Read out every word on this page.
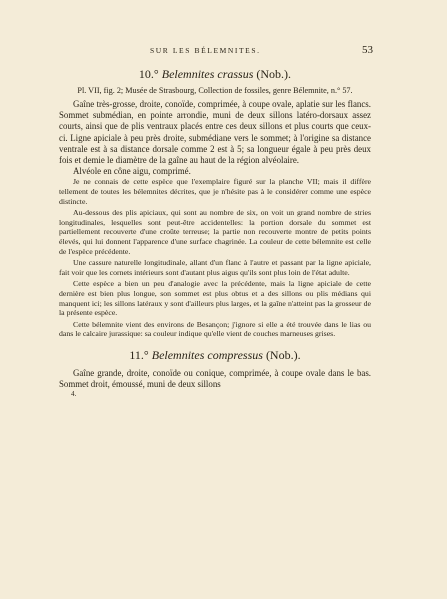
SUR LES BÉLEMNITES.	53
10.° Belemnites crassus (Nob.).
Pl. VII, fig. 2; Musée de Strasbourg, Collection de fossiles, genre Bélemnite, n.° 57.

Gaîne très-grosse, droite, conoïde, comprimée, à coupe ovale, aplatie sur les flancs. Sommet submédian, en pointe arrondie, muni de deux sillons latéro-dorsaux assez courts, ainsi que de plis ventraux placés entre ces deux sillons et plus courts que ceux-ci. Ligne apiciale à peu près droite, submédiane vers le sommet; à l'origine sa distance ventrale est à sa distance dorsale comme 2 est à 5; sa longueur égale à peu près deux fois et demie le diamètre de la gaîne au haut de la région alvéolaire.

Alvéole en cône aigu, comprimé.

Je ne connais de cette espèce que l'exemplaire figuré sur la planche VII; mais il diffère tellement de toutes les bélemnites décrites, que je n'hésite pas à le considérer comme une espèce distincte.

Au-dessous des plis apiciaux, qui sont au nombre de six, on voit un grand nombre de stries longitudinales, lesquelles sont peut-être accidentelles: la portion dorsale du sommet est partiellement recouverte d'une croûte terreuse; la partie non recouverte montre de petits points élevés, qui lui donnent l'apparence d'une surface chagrinée. La couleur de cette bélemnite est celle de l'espèce précédente.

Une cassure naturelle longitudinale, allant d'un flanc à l'autre et passant par la ligne apiciale, fait voir que les cornets intérieurs sont d'autant plus aigus qu'ils sont plus loin de l'état adulte.

Cette espèce a bien un peu d'analogie avec la précédente, mais la ligne apiciale de cette dernière est bien plus longue, son sommet est plus obtus et a des sillons ou plis médians qui manquent ici; les sillons latéraux y sont d'ailleurs plus larges, et la gaîne n'atteint pas la grosseur de la présente espèce.

Cette bélemnite vient des environs de Besançon; j'ignore si elle a été trouvée dans le lias ou dans le calcaire jurassique: sa couleur indique qu'elle vient de couches marneuses grises.

11.° Belemnites compressus (Nob.).

Gaîne grande, droite, conoïde ou conique, comprimée, à coupe ovale dans le bas. Sommet droit, émoussé, muni de deux sillons

4.
